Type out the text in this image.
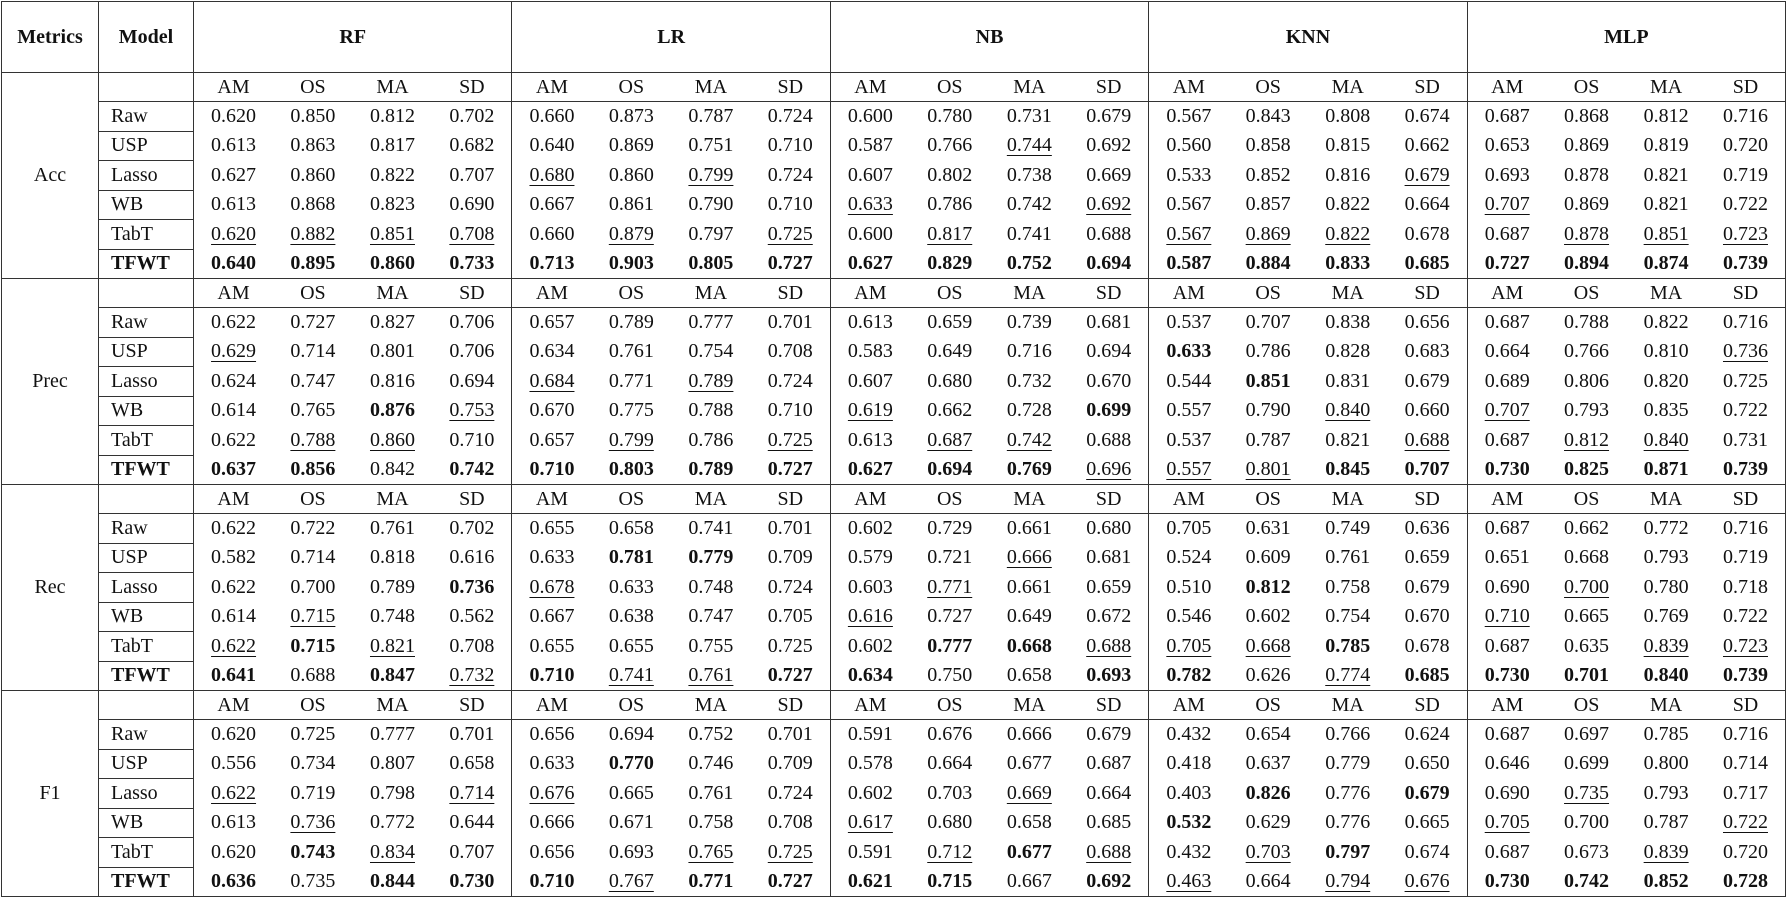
Metrics	Model	RF				LR				NB				KNN				MLP			
Acc		AM	OS	MA	SD	AM	OS	MA	SD	AM	OS	MA	SD	AM	OS	MA	SD	AM	OS	MA	SD
	Raw	0.620	0.850	0.812	0.702	0.660	0.873	0.787	0.724	0.600	0.780	0.731	0.679	0.567	0.843	0.808	0.674	0.687	0.868	0.812	0.716
	USP	0.613	0.863	0.817	0.682	0.640	0.869	0.751	0.710	0.587	0.766	0.744	0.692	0.560	0.858	0.815	0.662	0.653	0.869	0.819	0.720
	Lasso	0.627	0.860	0.822	0.707	0.680	0.860	0.799	0.724	0.607	0.802	0.738	0.669	0.533	0.852	0.816	0.679	0.693	0.878	0.821	0.719
	WB	0.613	0.868	0.823	0.690	0.667	0.861	0.790	0.710	0.633	0.786	0.742	0.692	0.567	0.857	0.822	0.664	0.707	0.869	0.821	0.722
	TabT	0.620	0.882	0.851	0.708	0.660	0.879	0.797	0.725	0.600	0.817	0.741	0.688	0.567	0.869	0.822	0.678	0.687	0.878	0.851	0.723
	TFWT	0.640	0.895	0.860	0.733	0.713	0.903	0.805	0.727	0.627	0.829	0.752	0.694	0.587	0.884	0.833	0.685	0.727	0.894	0.874	0.739
Prec		AM	OS	MA	SD	AM	OS	MA	SD	AM	OS	MA	SD	AM	OS	MA	SD	AM	OS	MA	SD
	Raw	0.622	0.727	0.827	0.706	0.657	0.789	0.777	0.701	0.613	0.659	0.739	0.681	0.537	0.707	0.838	0.656	0.687	0.788	0.822	0.716
	USP	0.629	0.714	0.801	0.706	0.634	0.761	0.754	0.708	0.583	0.649	0.716	0.694	0.633	0.786	0.828	0.683	0.664	0.766	0.810	0.736
	Lasso	0.624	0.747	0.816	0.694	0.684	0.771	0.789	0.724	0.607	0.680	0.732	0.670	0.544	0.851	0.831	0.679	0.689	0.806	0.820	0.725
	WB	0.614	0.765	0.876	0.753	0.670	0.775	0.788	0.710	0.619	0.662	0.728	0.699	0.557	0.790	0.840	0.660	0.707	0.793	0.835	0.722
	TabT	0.622	0.788	0.860	0.710	0.657	0.799	0.786	0.725	0.613	0.687	0.742	0.688	0.537	0.787	0.821	0.688	0.687	0.812	0.840	0.731
	TFWT	0.637	0.856	0.842	0.742	0.710	0.803	0.789	0.727	0.627	0.694	0.769	0.696	0.557	0.801	0.845	0.707	0.730	0.825	0.871	0.739
Rec		AM	OS	MA	SD	AM	OS	MA	SD	AM	OS	MA	SD	AM	OS	MA	SD	AM	OS	MA	SD
	Raw	0.622	0.722	0.761	0.702	0.655	0.658	0.741	0.701	0.602	0.729	0.661	0.680	0.705	0.631	0.749	0.636	0.687	0.662	0.772	0.716
	USP	0.582	0.714	0.818	0.616	0.633	0.781	0.779	0.709	0.579	0.721	0.666	0.681	0.524	0.609	0.761	0.659	0.651	0.668	0.793	0.719
	Lasso	0.622	0.700	0.789	0.736	0.678	0.633	0.748	0.724	0.603	0.771	0.661	0.659	0.510	0.812	0.758	0.679	0.690	0.700	0.780	0.718
	WB	0.614	0.715	0.748	0.562	0.667	0.638	0.747	0.705	0.616	0.727	0.649	0.672	0.546	0.602	0.754	0.670	0.710	0.665	0.769	0.722
	TabT	0.622	0.715	0.821	0.708	0.655	0.655	0.755	0.725	0.602	0.777	0.668	0.688	0.705	0.668	0.785	0.678	0.687	0.635	0.839	0.723
	TFWT	0.641	0.688	0.847	0.732	0.710	0.741	0.761	0.727	0.634	0.750	0.658	0.693	0.782	0.626	0.774	0.685	0.730	0.701	0.840	0.739
F1		AM	OS	MA	SD	AM	OS	MA	SD	AM	OS	MA	SD	AM	OS	MA	SD	AM	OS	MA	SD
	Raw	0.620	0.725	0.777	0.701	0.656	0.694	0.752	0.701	0.591	0.676	0.666	0.679	0.432	0.654	0.766	0.624	0.687	0.697	0.785	0.716
	USP	0.556	0.734	0.807	0.658	0.633	0.770	0.746	0.709	0.578	0.664	0.677	0.687	0.418	0.637	0.779	0.650	0.646	0.699	0.800	0.714
	Lasso	0.622	0.719	0.798	0.714	0.676	0.665	0.761	0.724	0.602	0.703	0.669	0.664	0.403	0.826	0.776	0.679	0.690	0.735	0.793	0.717
	WB	0.613	0.736	0.772	0.644	0.666	0.671	0.758	0.708	0.617	0.680	0.658	0.685	0.532	0.629	0.776	0.665	0.705	0.700	0.787	0.722
	TabT	0.620	0.743	0.834	0.707	0.656	0.693	0.765	0.725	0.591	0.712	0.677	0.688	0.432	0.703	0.797	0.674	0.687	0.673	0.839	0.720
	TFWT	0.636	0.735	0.844	0.730	0.710	0.767	0.771	0.727	0.621	0.715	0.667	0.692	0.463	0.664	0.794	0.676	0.730	0.742	0.852	0.728
